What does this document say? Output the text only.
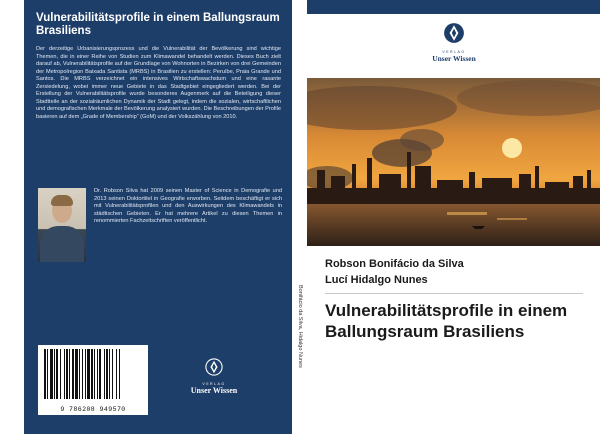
Vulnerabilitätsprofile in einem Ballungsraum Brasiliens
Der derzeitige Urbanisierungsprozess und die Vulnerabilität der Bevölkerung sind wichtige Themen, die in einer Reihe von Studien zum Klimawandel behandelt werden. Dieses Buch zielt darauf ab, Vulnerabilitätsprofile auf der Grundlage von Wohnorten in Bezirken von drei Gemeinden der Metropolregion Baixada Santista (MRBS) in Brasilien zu erstellen: Peruíbe, Praia Grande und Santos. Die MRBS verzeichnet ein intensives Wirtschaftswachstum und eine rasante Zersiedelung, wobei immer neue Gebiete in das Stadtgebiet eingegliedert werden. Bei der Erstellung der Vulnerabilitätsprofile wurde besonderes Augenmerk auf die Beteiligung dieser Stadtteile an der sozialräumlichen Dynamik der Stadt gelegt, indem die sozialen, wirtschaftlichen und demografischen Merkmale der Bevölkerung analysiert wurden. Die Beschreibungen der Profile basieren auf dem „Grade of Membership“ (GoM) und der Volkszählung von 2010.
Dr. Robson Silva hat 2009 seinen Master of Science in Demografie und 2013 seinen Doktortitel in Geografie erworben. Seitdem beschäftigt er sich mit Vulnerabilitätsprofilen und den Auswirkungen des Klimawandels in städtischen Gebieten. Er hat mehrere Artikel zu diesen Themen in renommierten Fachzeitschriften veröffentlicht.
9 786208 949570
VERLAG
Unser Wissen
Bonifácio da Silva, Hidalgo Nunes
VERLAG
Unser Wissen
Robson Bonifácio da Silva
Lucí Hidalgo Nunes
Vulnerabilitätsprofile in einem Ballungsraum Brasiliens
